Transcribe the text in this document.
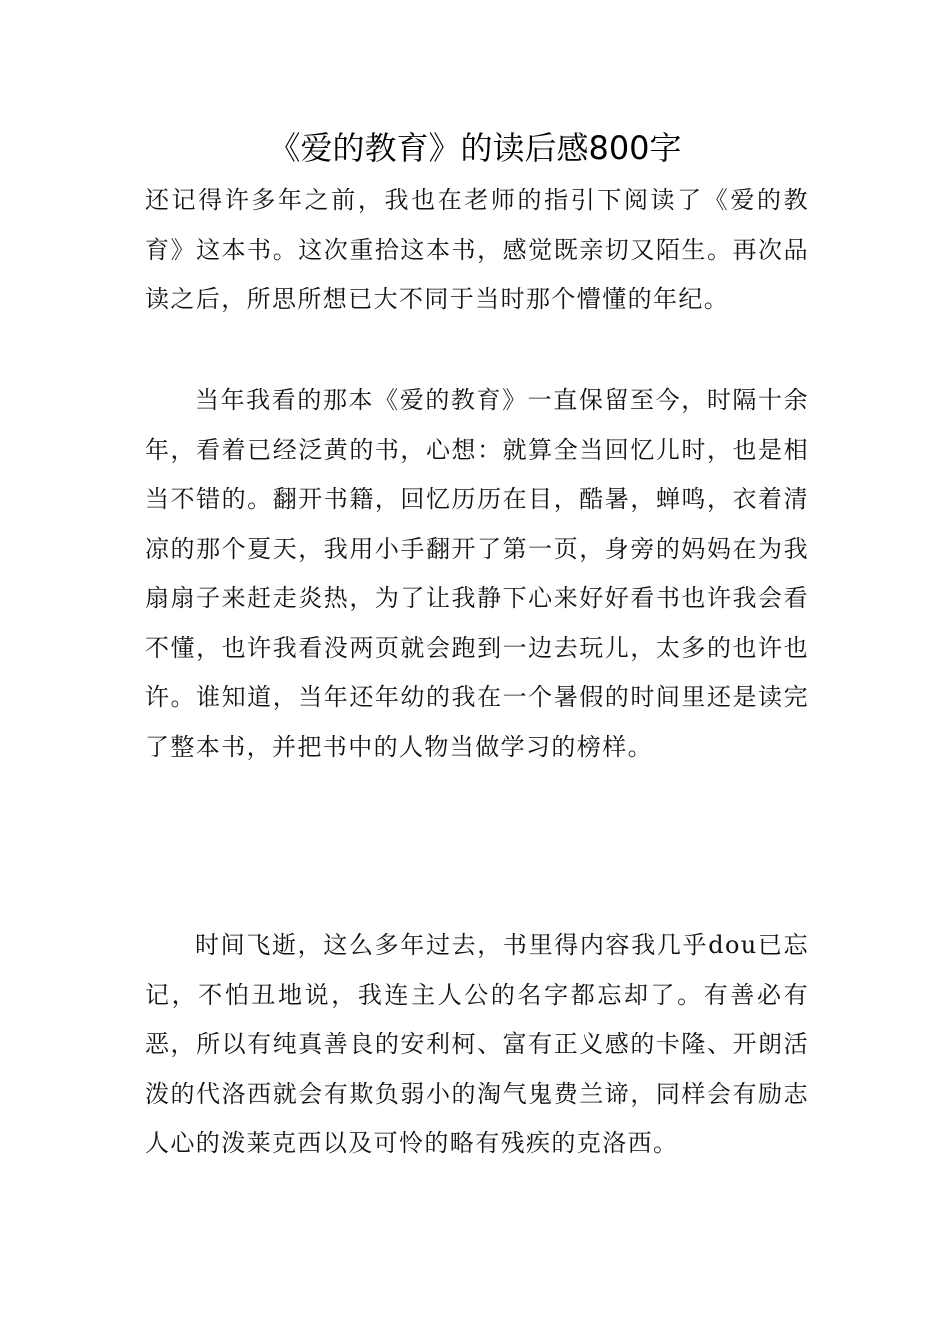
《爱的教育》的读后感800字

还记得许多年之前，我也在老师的指引下阅读了《爱的教育》这本书。这次重拾这本书，感觉既亲切又陌生。再次品读之后，所思所想已大不同于当时那个懵懂的年纪。

当年我看的那本《爱的教育》一直保留至今，时隔十余年，看着已经泛黄的书，心想：就算全当回忆儿时，也是相当不错的。翻开书籍，回忆历历在目，酷暑，蝉鸣，衣着清凉的那个夏天，我用小手翻开了第一页，身旁的妈妈在为我扇扇子来赶走炎热，为了让我静下心来好好看书也许我会看不懂，也许我看没两页就会跑到一边去玩儿，太多的也许也许。谁知道，当年还年幼的我在一个暑假的时间里还是读完了整本书，并把书中的人物当做学习的榜样。

时间飞逝，这么多年过去，书里得内容我几乎dou已忘记，不怕丑地说，我连主人公的名字都忘却了。有善必有恶，所以有纯真善良的安利柯、富有正义感的卡隆、开朗活泼的代洛西就会有欺负弱小的淘气鬼费兰谛，同样会有励志人心的泼莱克西以及可怜的略有残疾的克洛西。
